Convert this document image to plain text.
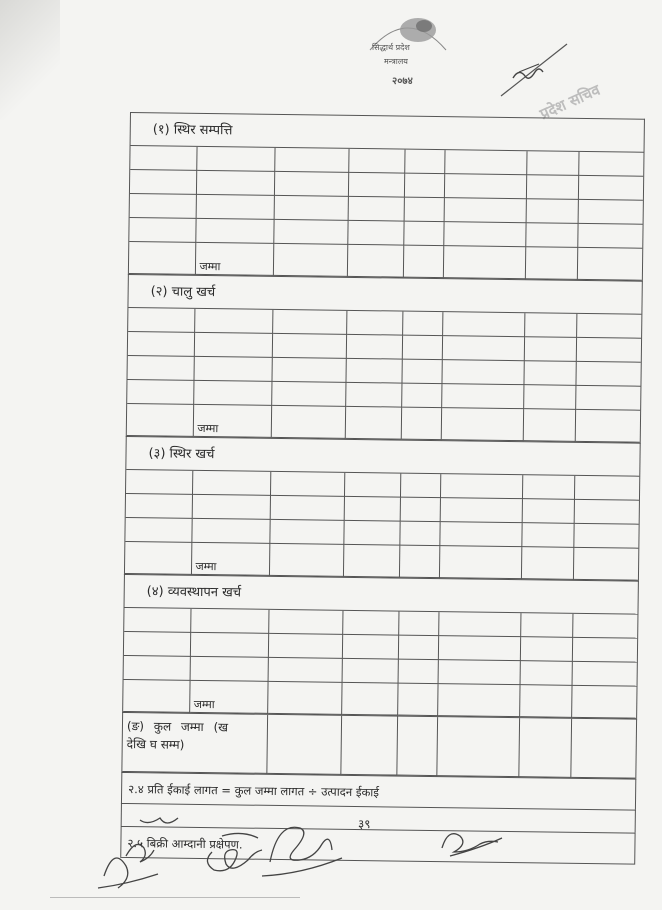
सिद्धार्थ प्रदेश
मन्त्रालय
२०७४	प्रदेश सचिव
(१) स्थिर सम्पत्ति

	जम्मा						
(२) चालु खर्च

	जम्मा						
(३) स्थिर खर्च

	जम्मा						
(४) व्यवस्थापन खर्च

	जम्मा						
(ङ) कुल जम्मा (ख
देखि घ सम्म)

२.४ प्रति ईकाई लागत = कुल जम्मा लागत ÷ उत्पादन ईकाई
२.५ बिक्री आम्दानी प्रक्षेपण.
३९
